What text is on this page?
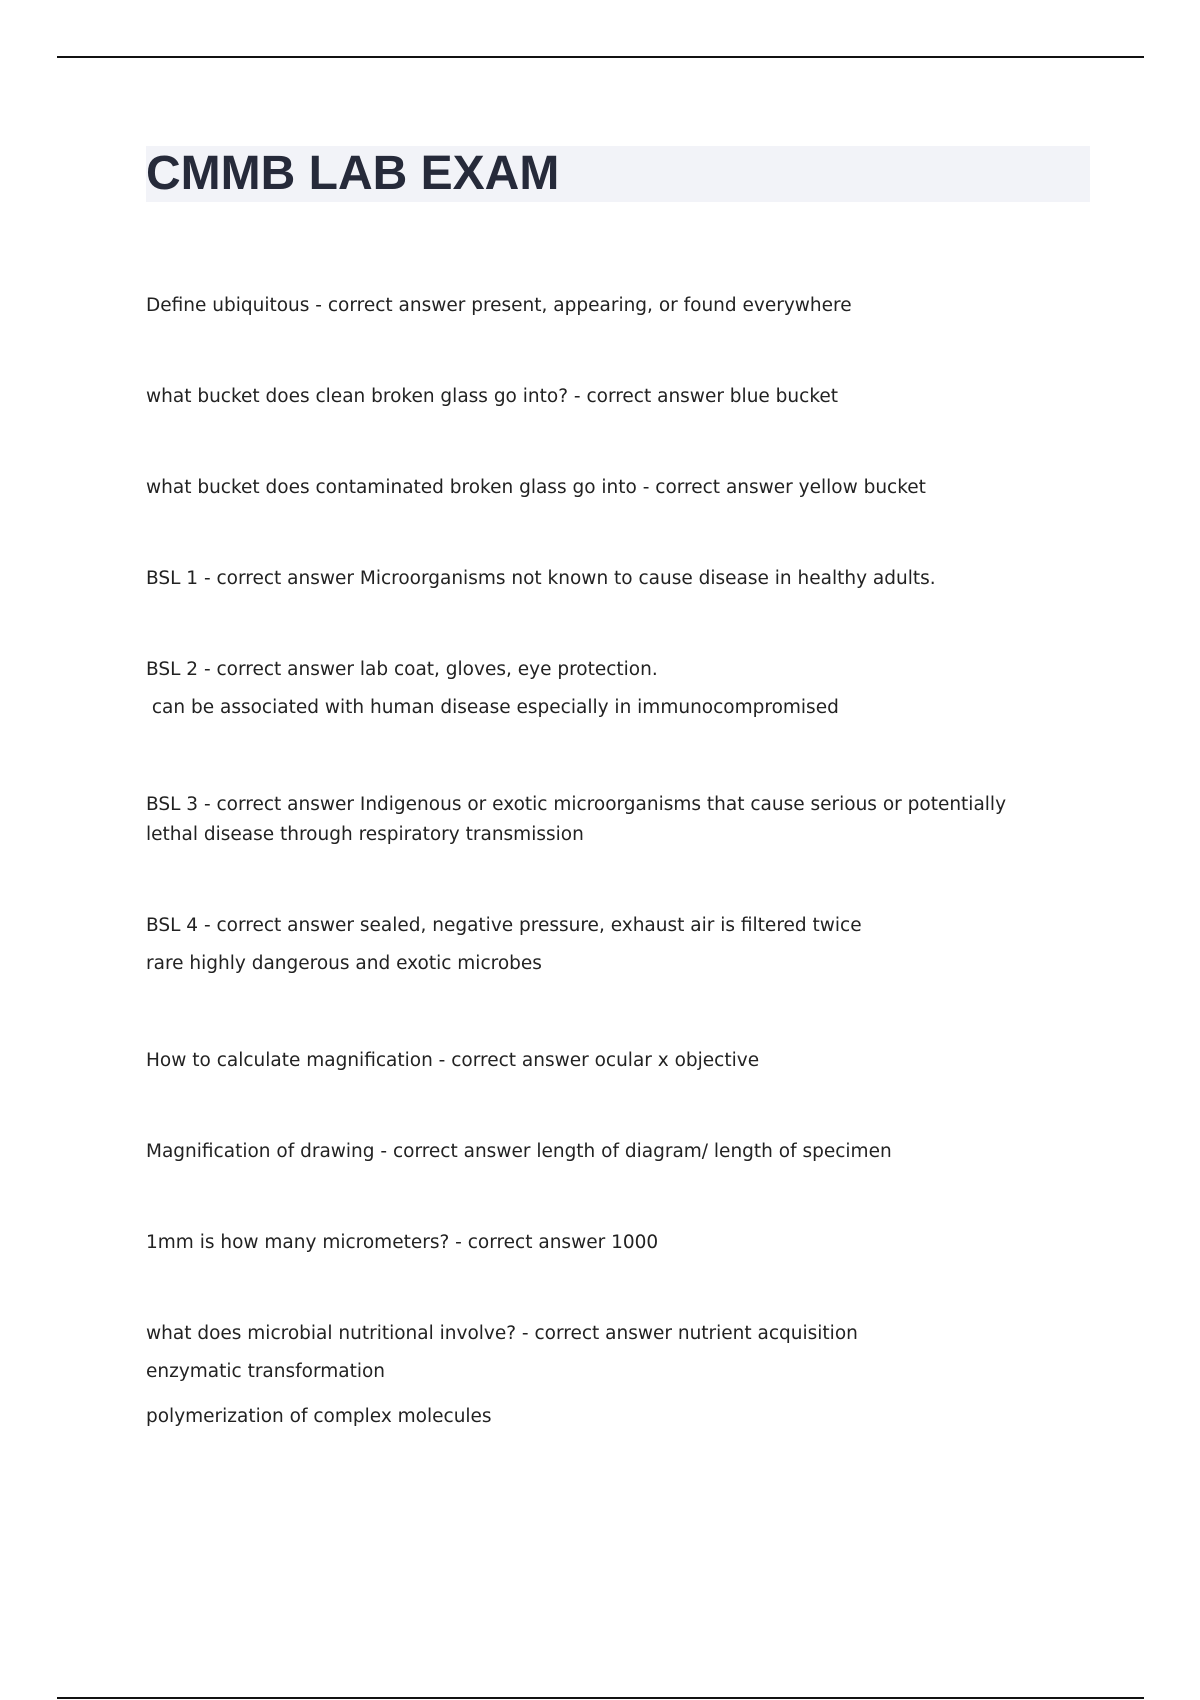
CMMB LAB EXAM
Define ubiquitous - correct answer present, appearing, or found everywhere
what bucket does clean broken glass go into? - correct answer blue bucket
what bucket does contaminated broken glass go into - correct answer yellow bucket
BSL 1 - correct answer Microorganisms not known to cause disease in healthy adults.
BSL 2 - correct answer lab coat, gloves, eye protection.
can be associated with human disease especially in immunocompromised
BSL 3 - correct answer Indigenous or exotic microorganisms that cause serious or potentially lethal disease through respiratory transmission
BSL 4 - correct answer sealed, negative pressure, exhaust air is filtered twice
rare highly dangerous and exotic microbes
How to calculate magnification - correct answer ocular x objective
Magnification of drawing - correct answer length of diagram/ length of specimen
1mm is how many micrometers? - correct answer 1000
what does microbial nutritional involve? - correct answer nutrient acquisition
enzymatic transformation
polymerization of complex molecules
